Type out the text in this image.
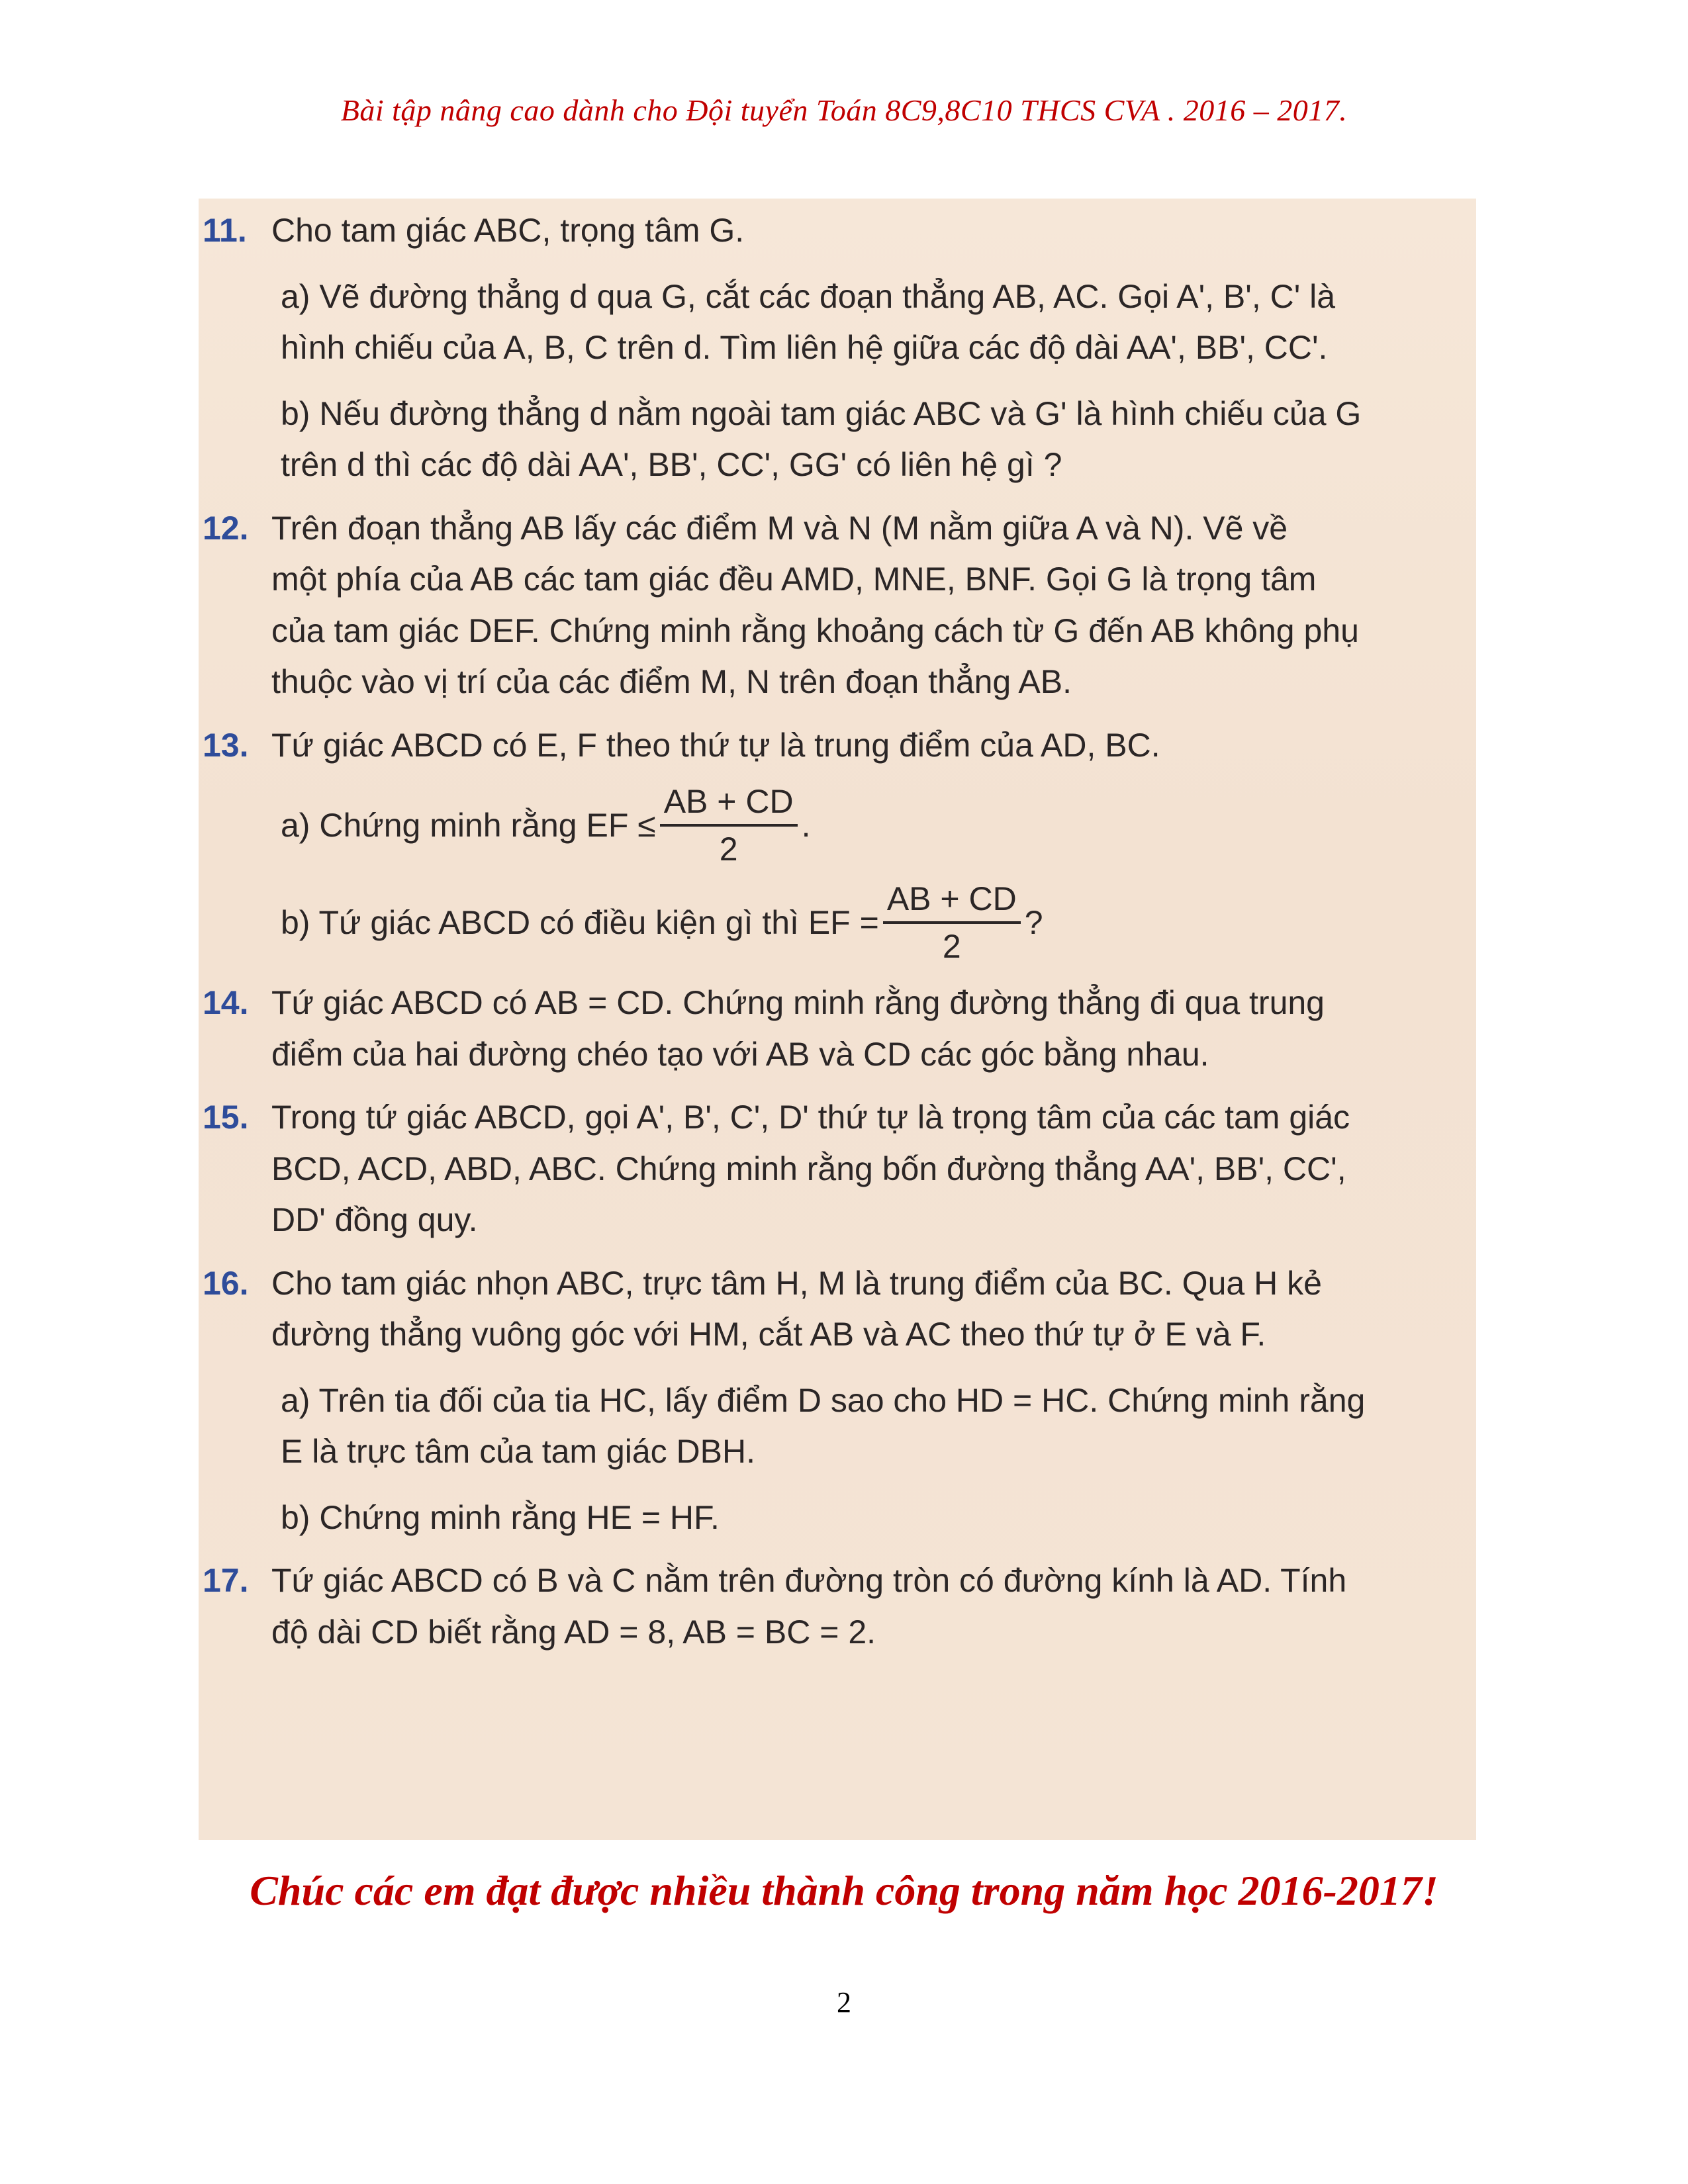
Bài tập nâng cao dành cho Đội tuyển Toán 8C9,8C10 THCS CVA . 2016 – 2017.
11. Cho tam giác ABC, trọng tâm G.
a) Vẽ đường thẳng d qua G, cắt các đoạn thẳng AB, AC. Gọi A', B', C' là
hình chiếu của A, B, C trên d. Tìm liên hệ giữa các độ dài AA', BB', CC'.
b) Nếu đường thẳng d nằm ngoài tam giác ABC và G' là hình chiếu của G
trên d thì các độ dài AA', BB', CC', GG' có liên hệ gì ?
12. Trên đoạn thẳng AB lấy các điểm M và N (M nằm giữa A và N). Vẽ về
một phía của AB các tam giác đều AMD, MNE, BNF. Gọi G là trọng tâm
của tam giác DEF. Chứng minh rằng khoảng cách từ G đến AB không phụ
thuộc vào vị trí của các điểm M, N trên đoạn thẳng AB.
13. Tứ giác ABCD có E, F theo thứ tự là trung điểm của AD, BC.
a) Chứng minh rằng EF ≤ $\frac{AB + CD}{2}$ .
b) Tứ giác ABCD có điều kiện gì thì EF = $\frac{AB + CD}{2}$ ?
14. Tứ giác ABCD có AB = CD. Chứng minh rằng đường thẳng đi qua trung
điểm của hai đường chéo tạo với AB và CD các góc bằng nhau.
15. Trong tứ giác ABCD, gọi A', B', C', D' thứ tự là trọng tâm của các tam giác
BCD, ACD, ABD, ABC. Chứng minh rằng bốn đường thẳng AA', BB', CC',
DD' đồng quy.
16. Cho tam giác nhọn ABC, trực tâm H, M là trung điểm của BC. Qua H kẻ
đường thẳng vuông góc với HM, cắt AB và AC theo thứ tự ở E và F.
a) Trên tia đối của tia HC, lấy điểm D sao cho HD = HC. Chứng minh rằng
E là trực tâm của tam giác DBH.
b) Chứng minh rằng HE = HF.
17. Tứ giác ABCD có B và C nằm trên đường tròn có đường kính là AD. Tính
độ dài CD biết rằng AD = 8, AB = BC = 2.
Chúc các em đạt được nhiều thành công trong năm học 2016-2017!
2
